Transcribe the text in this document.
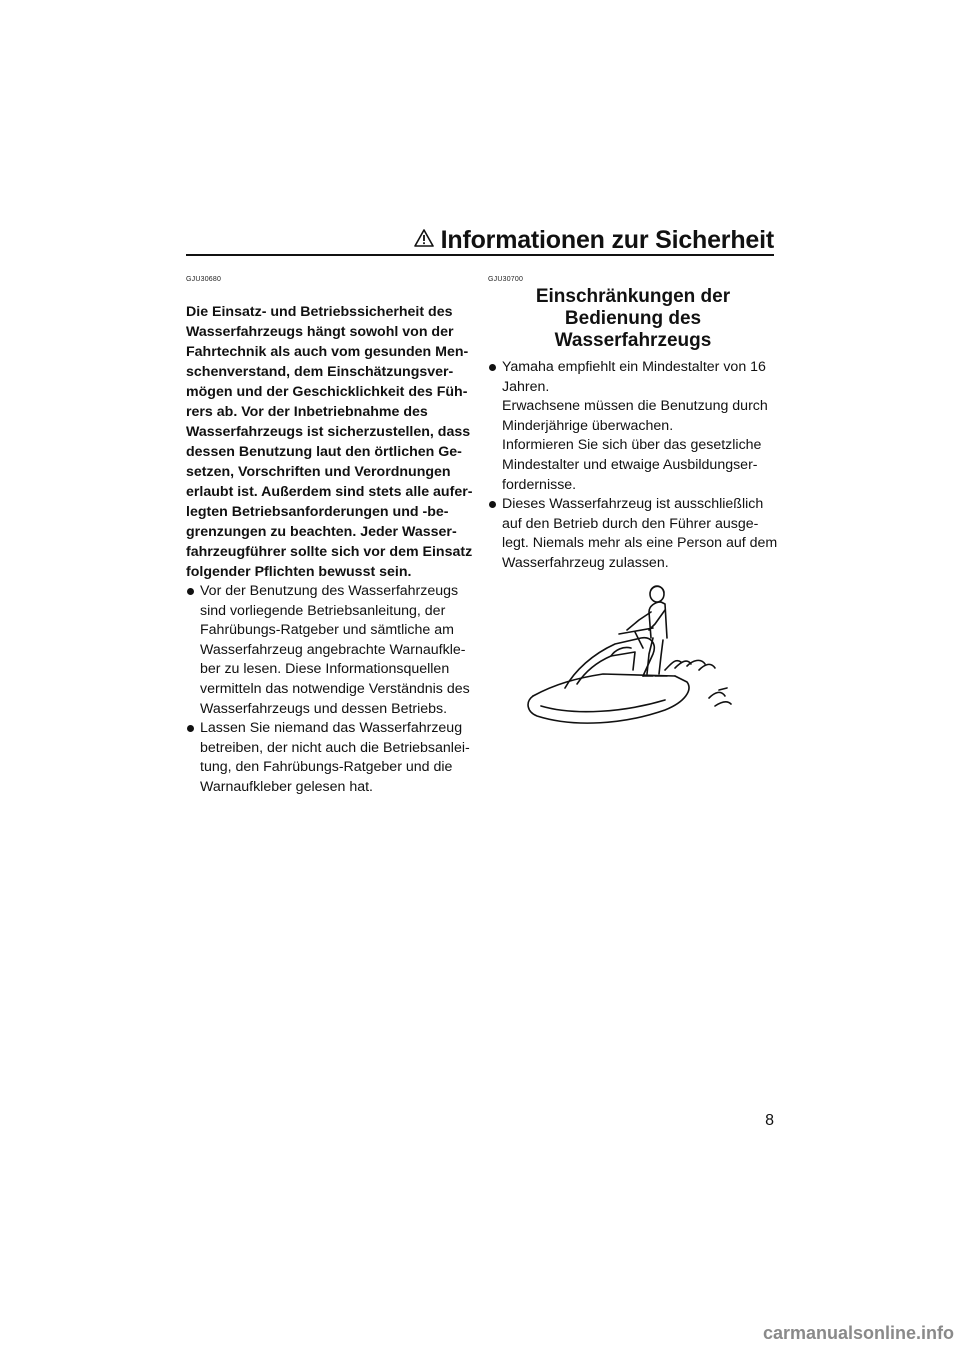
Informationen zur Sicherheit
GJU30680
Die Einsatz- und Betriebssicherheit des
Wasserfahrzeugs hängt sowohl von der
Fahrtechnik als auch vom gesunden Men-
schenverstand, dem Einschätzungsver-
mögen und der Geschicklichkeit des Füh-
rers ab. Vor der Inbetriebnahme des
Wasserfahrzeugs ist sicherzustellen, dass
dessen Benutzung laut den örtlichen Ge-
setzen, Vorschriften und Verordnungen
erlaubt ist. Außerdem sind stets alle aufer-
legten Betriebsanforderungen und -be-
grenzungen zu beachten. Jeder Wasser-
fahrzeugführer sollte sich vor dem Einsatz
folgender Pflichten bewusst sein.
Vor der Benutzung des Wasserfahrzeugs
sind vorliegende Betriebsanleitung, der
Fahrübungs-Ratgeber und sämtliche am
Wasserfahrzeug angebrachte Warnaufkle-
ber zu lesen. Diese Informationsquellen
vermitteln das notwendige Verständnis des
Wasserfahrzeugs und dessen Betriebs.
Lassen Sie niemand das Wasserfahrzeug
betreiben, der nicht auch die Betriebsanlei-
tung, den Fahrübungs-Ratgeber und die
Warnaufkleber gelesen hat.
GJU30700
Einschränkungen der
Bedienung des
Wasserfahrzeugs
Yamaha empfiehlt ein Mindestalter von 16
Jahren.
Erwachsene müssen die Benutzung durch
Minderjährige überwachen.
Informieren Sie sich über das gesetzliche
Mindestalter und etwaige Ausbildungser-
fordernisse.
Dieses Wasserfahrzeug ist ausschließlich
auf den Betrieb durch den Führer ausge-
legt. Niemals mehr als eine Person auf dem
Wasserfahrzeug zulassen.
8
carmanualsonline.info
